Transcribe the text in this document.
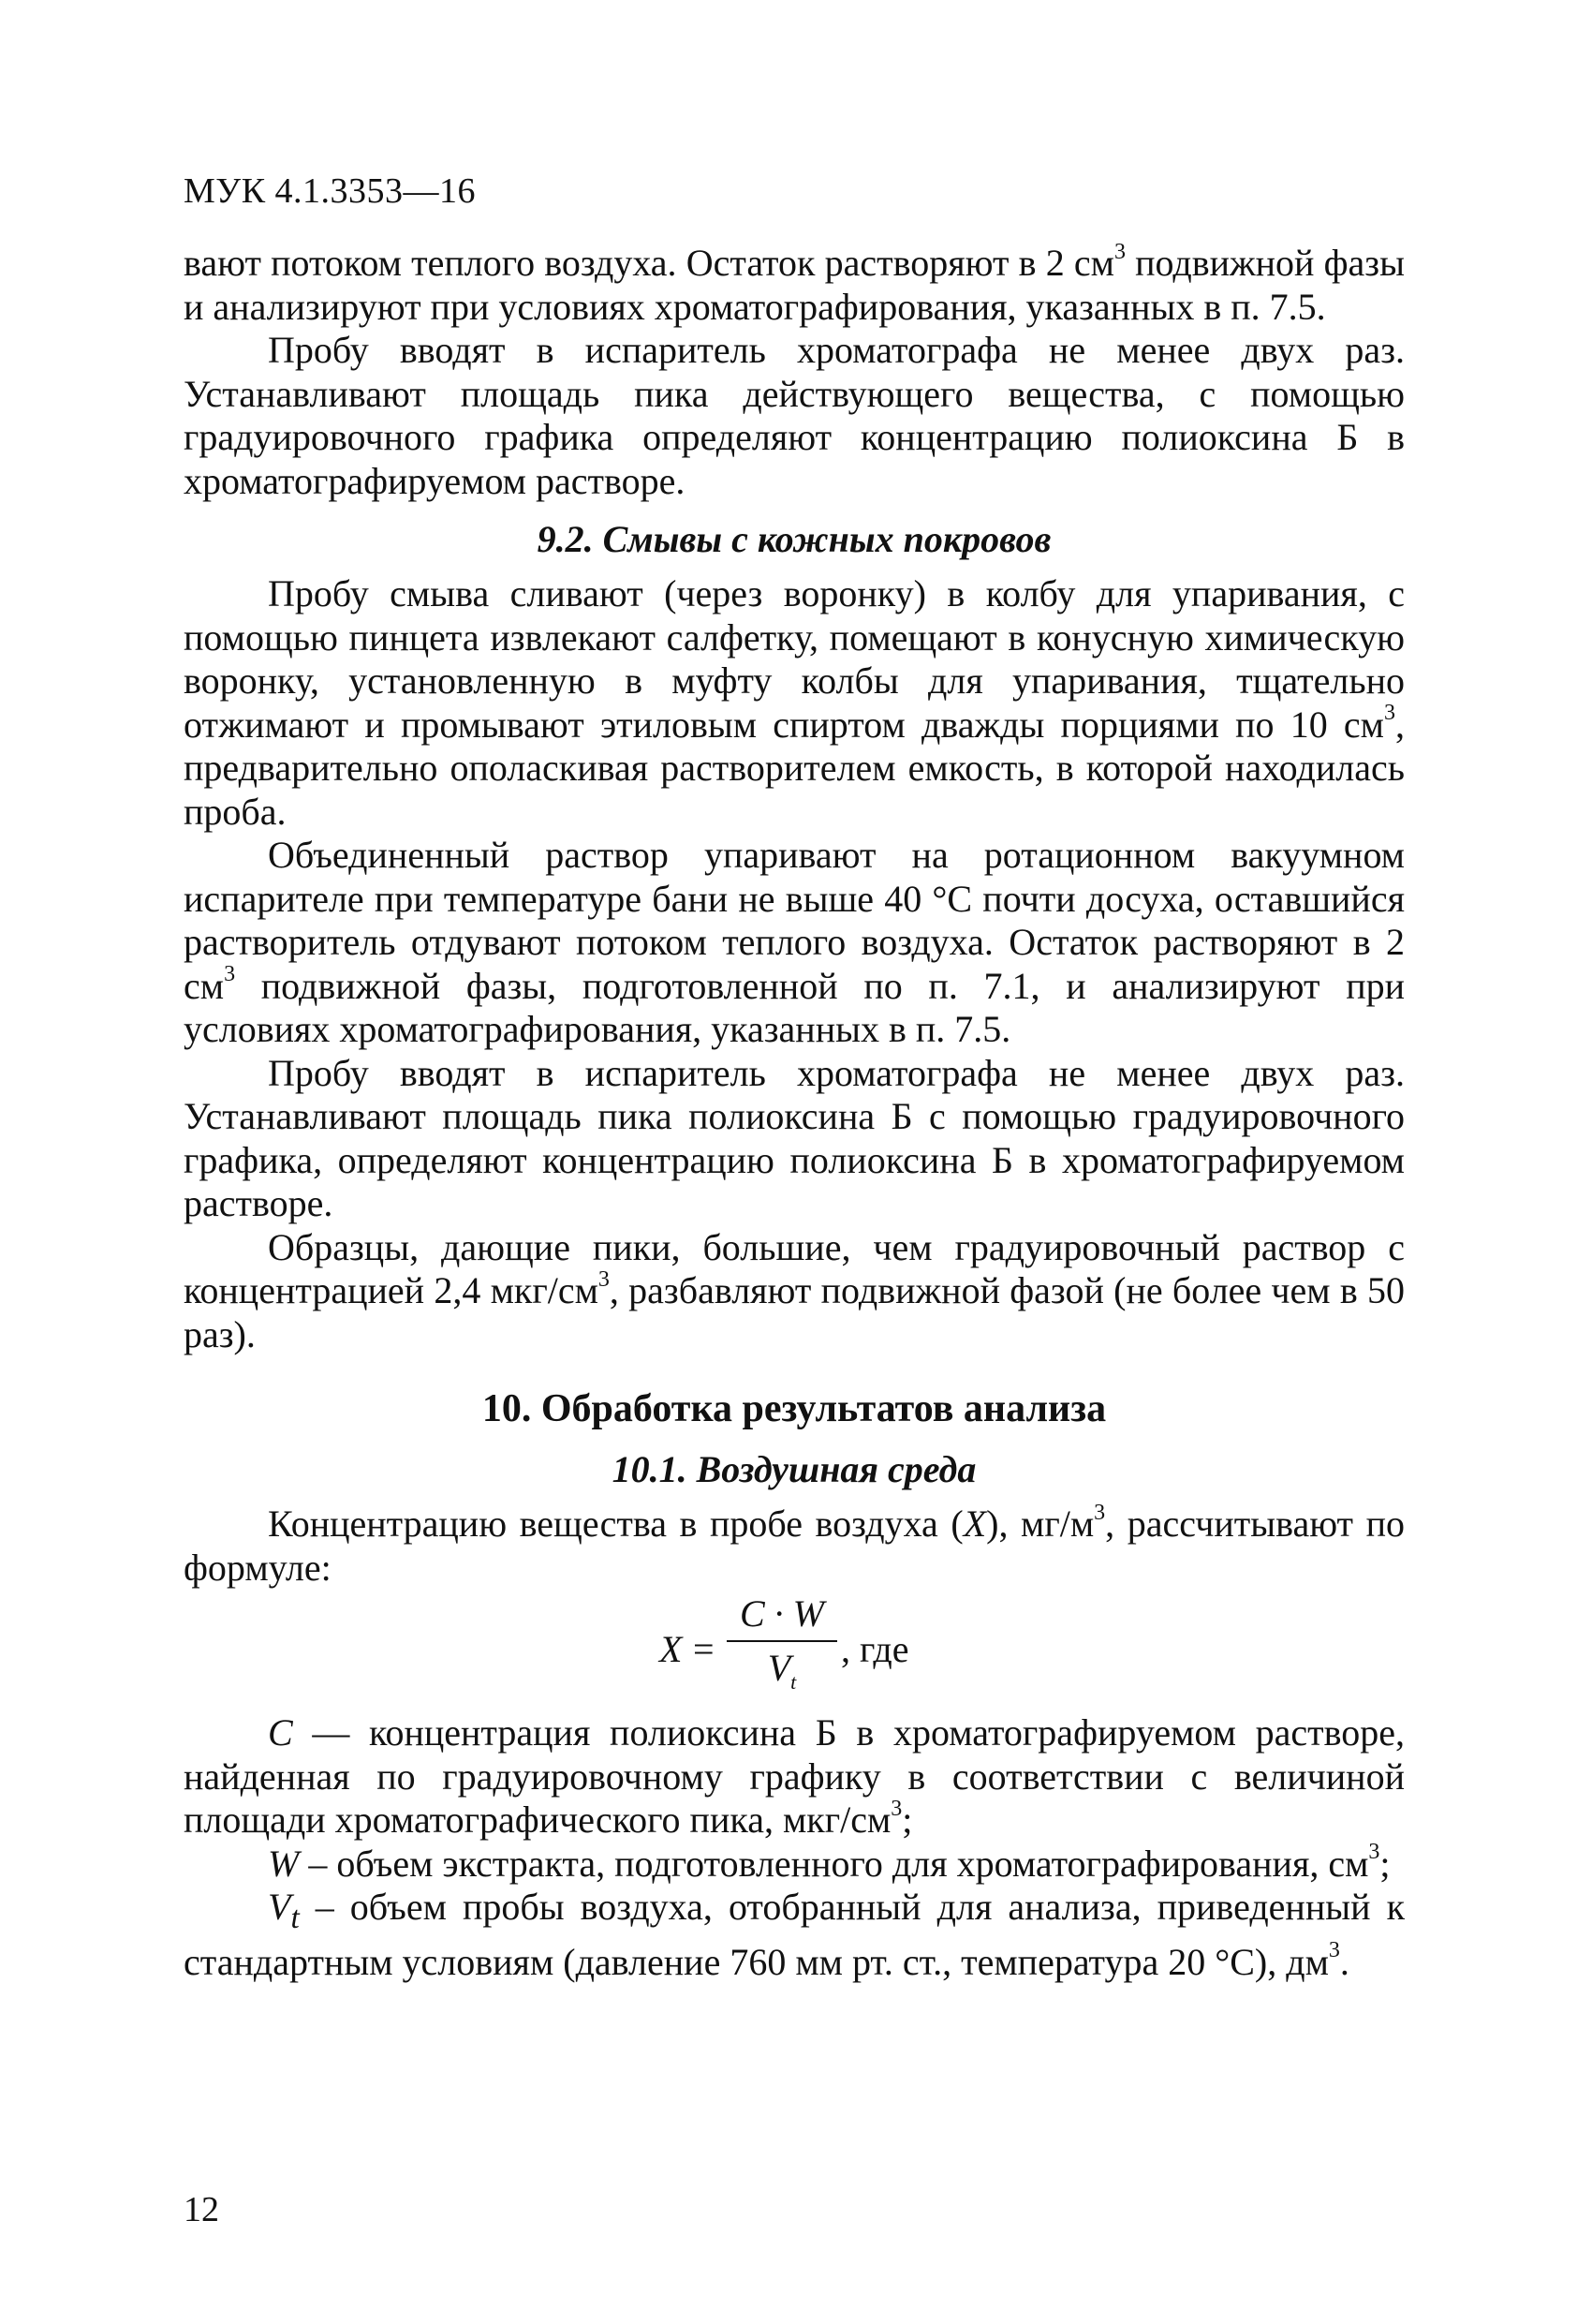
МУК 4.1.3353—16

вают потоком теплого воздуха. Остаток растворяют в 2 $см^3$ подвижной фазы и анализируют при условиях хроматографирования, указанных в п. 7.5.

Пробу вводят в испаритель хроматографа не менее двух раз. Устанавливают площадь пика действующего вещества, с помощью градуировочного графика определяют концентрацию полиоксина Б в хроматографируемом растворе.

9.2. Смывы с кожных покровов

Пробу смыва сливают (через воронку) в колбу для упаривания, с помощью пинцета извлекают салфетку, помещают в конусную химическую воронку, установленную в муфту колбы для упаривания, тщательно отжимают и промывают этиловым спиртом дважды порциями по 10 $см^3$, предварительно ополаскивая растворителем емкость, в которой находилась проба.

Объединенный раствор упаривают на ротационном вакуумном испарителе при температуре бани не выше 40 °С почти досуха, оставшийся растворитель отдувают потоком теплого воздуха. Остаток растворяют в 2 $см^3$ подвижной фазы, подготовленной по п. 7.1, и анализируют при условиях хроматографирования, указанных в п. 7.5.

Пробу вводят в испаритель хроматографа не менее двух раз. Устанавливают площадь пика полиоксина Б с помощью градуировочного графика, определяют концентрацию полиоксина Б в хроматографируемом растворе.

Образцы, дающие пики, большие, чем градуировочный раствор с концентрацией 2,4 мкг/$см^3$, разбавляют подвижной фазой (не более чем в 50 раз).

10. Обработка результатов анализа
10.1. Воздушная среда

Концентрацию вещества в пробе воздуха (X), $мг/м^3$, рассчитывают по формуле:

X =
C · W
$V_t$
, где

C — концентрация полиоксина Б в хроматографируемом растворе, найденная по градуировочному графику в соответствии с величиной площади хроматографического пика, мкг/$см^3$;

W – объем экстракта, подготовленного для хроматографирования, $см^3$;

$V_t$ – объем пробы воздуха, отобранный для анализа, приведенный к стандартным условиям (давление 760 мм рт. ст., температура 20 °С), $дм^3$.

12
